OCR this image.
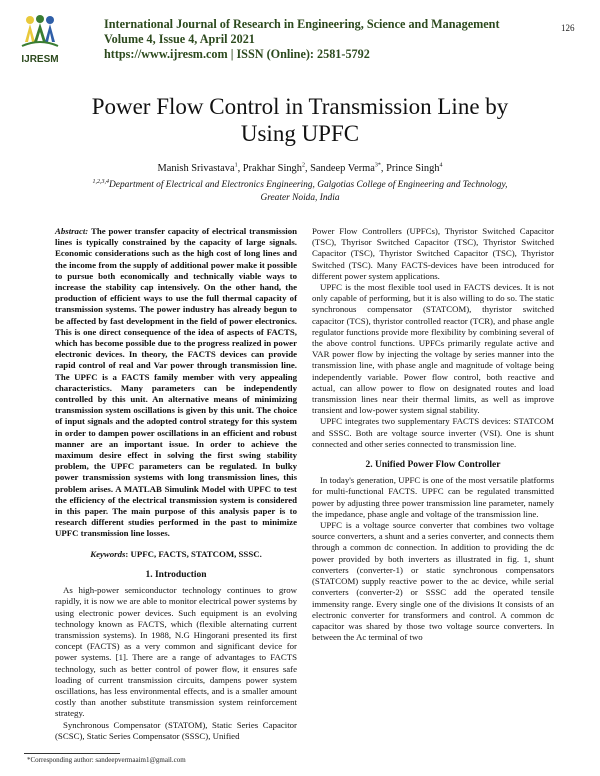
IJRESM
International Journal of Research in Engineering, Science and Management
Volume 4, Issue 4, April 2021
https://www.ijresm.com | ISSN (Online): 2581-5792
126
Power Flow Control in Transmission Line by
Using UPFC
Manish Srivastava$^1$, Prakhar Singh$^2$, Sandeep Verma$^{3*}$, Prince Singh$^4$
$^{1,2,3,4}$Department of Electrical and Electronics Engineering, Galgotias College of Engineering and Technology, Greater Noida, India
Abstract: The power transfer capacity of electrical transmission lines is typically constrained by the capacity of large signals. Economic considerations such as the high cost of long lines and the income from the supply of additional power make it possible to pursue both economically and technically viable ways to increase the stability cap intensively. On the other hand, the production of efficient ways to use the full thermal capacity of transmission systems. The power industry has already begun to be affected by fast development in the field of power electronics. This is one direct consequence of the idea of aspects of FACTS, which has become possible due to the progress realized in power electronic devices. In theory, the FACTS devices can provide rapid control of real and Var power through transmission line. The UPFC is a FACTS family member with very appealing characteristics. Many parameters can be independently controlled by this unit. An alternative means of minimizing transmission system oscillations is given by this unit. The choice of input signals and the adopted control strategy for this system in order to dampen power oscillations in an efficient and robust manner are an important issue. In order to achieve the maximum desire effect in solving the first swing stability problem, the UPFC parameters can be regulated. In bulky power transmission systems with long transmission lines, this problem arises. A MATLAB Simulink Model with UPFC to test the efficiency of the electrical transmission system is considered in this paper. The main purpose of this analysis paper is to research different studies performed in the past to minimize UPFC transmission line losses.
Keywords: UPFC, FACTS, STATCOM, SSSC.
1. Introduction
As high-power semiconductor technology continues to grow rapidly, it is now we are able to monitor electrical power systems by using electronic power devices. Such equipment is an evolving technology known as FACTS, which (flexible alternating current transmission systems). In 1988, N.G Hingorani presented its first concept (FACTS) as a very common and significant device for power systems. [1]. There are a range of advantages to FACTS technology, such as better control of power flow, it ensures safe loading of current transmission circuits, dampens power system oscillations, has less environmental effects, and is a smaller amount costly than another substitute transmission system reinforcement strategy.
Synchronous Compensator (STATOM), Static Series Capacitor (SCSC), Static Series Compensator (SSSC), Unified
Power Flow Controllers (UPFCs), Thyristor Switched Capacitor (TSC), Thyrisor Switched Capacitor (TSC), Thyristor Switched Capacitor (TSC), Thyristor Switched Capacitor (TSC), Thyristor Switched (TSC). Many FACTS-devices have been introduced for different power system applications.
UPFC is the most flexible tool used in FACTS devices. It is not only capable of performing, but it is also willing to do so. The static synchronous compensator (STATCOM), thyristor switched capacitor (TCS), thyristor controlled reactor (TCR), and phase angle regulator functions provide more flexibility by combining several of the above control functions. UPFCs primarily regulate active and VAR power flow by injecting the voltage by series manner into the transmission line, with phase angle and magnitude of voltage being independently variable. Power flow control, both reactive and actual, can allow power to flow on designated routes and load transmission lines near their thermal limits, as well as improve transient and low-power system signal stability.
UPFC integrates two supplementary FACTS devices: STATCOM and SSSC. Both are voltage source inverter (VSI). One is shunt connected and other series connected to transmission line.
2. Unified Power Flow Controller
In today's generation, UPFC is one of the most versatile platforms for multi-functional FACTS. UPFC can be regulated transmitted power by adjusting three power transmission line parameter, namely the impedance, phase angle and voltage of the transmission line.
UPFC is a voltage source converter that combines two voltage source converters, a shunt and a series converter, and connects them through a common dc connection. In addition to providing the dc power provided by both inverters as illustrated in fig. 1, shunt converters (converter-1) or static synchronous compensators (STATCOM) supply reactive power to the ac device, while serial converters (converter-2) or SSSC add the operated tensile immensity range. Every single one of the divisions It consists of an electronic converter for transformers and control. A common dc capacitor was shared by those two voltage source converters. In between the Ac terminal of two
*Corresponding author: sandeepvermaaim1@gmail.com
